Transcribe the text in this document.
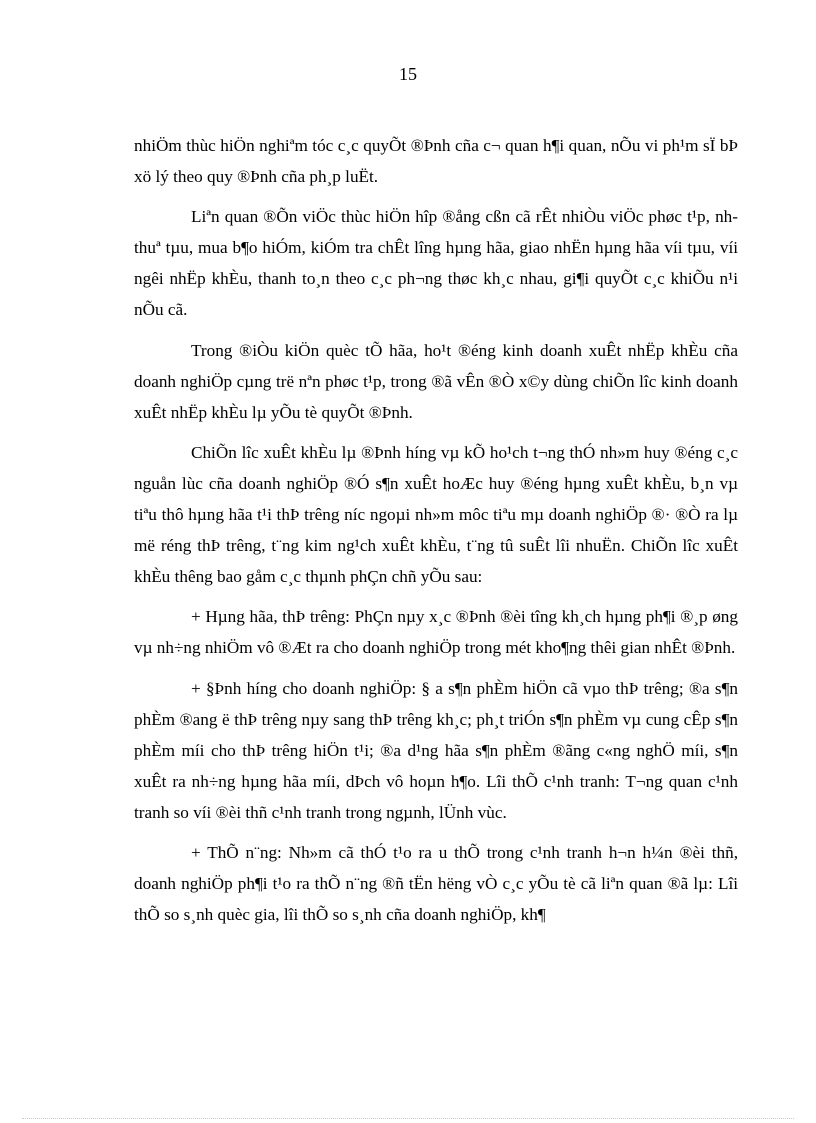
15

nhiÖm thùc hiÖn nghiªm tóc c¸c quyÕt ®Þnh cña c¬ quan h¶i quan, nÕu vi ph¹m sÏ bÞ xö lý theo quy ®Þnh cña ph¸p luËt.

Liªn quan ®Õn viÖc thùc hiÖn hîp ®ång cßn cã rÊt nhiÒu viÖc phøc t¹p, nh thuª tµu, mua b¶o hiÓm, kiÓm tra chÊt lîng hµng hãa, giao nhËn hµng hãa víi tµu, víi ngêi nhËp khÈu, thanh to¸n theo c¸c ph¬ng thøc kh¸c nhau, gi¶i quyÕt c¸c khiÕu n¹i nÕu cã.

Trong ®iÒu kiÖn quèc tÕ hãa, ho¹t ®éng kinh doanh xuÊt nhËp khÈu cña doanh nghiÖp cµng trë nªn phøc t¹p, trong ®ã vÊn ®Ò x©y dùng chiÕn lîc kinh doanh xuÊt nhËp khÈu lµ yÕu tè quyÕt ®Þnh.

ChiÕn lîc xuÊt khÈu lµ ®Þnh híng vµ kÕ ho¹ch t¬ng thÓ nh»m huy ®éng c¸c nguån lùc cña doanh nghiÖp ®Ó s¶n xuÊt hoÆc huy ®éng hµng xuÊt khÈu, b¸n vµ tiªu thô hµng hãa t¹i thÞ trêng níc ngoµi nh»m môc tiªu mµ doanh nghiÖp ®· ®Ò ra lµ më réng thÞ trêng, t¨ng kim ng¹ch xuÊt khÈu, t¨ng tû suÊt lîi nhuËn. ChiÕn lîc xuÊt khÈu thêng bao gåm c¸c thµnh phÇn chñ yÕu sau:

+ Hµng hãa, thÞ trêng: PhÇn nµy x¸c ®Þnh ®èi tîng kh¸ch hµng ph¶i ®¸p øng vµ nh÷ng nhiÖm vô ®Æt ra cho doanh nghiÖp trong mét kho¶ng thêi gian nhÊt ®Þnh.

+ §Þnh híng cho doanh nghiÖp: § a s¶n phÈm hiÖn cã vµo thÞ trêng; ®a s¶n phÈm ®ang ë thÞ trêng nµy sang thÞ trêng kh¸c; ph¸t triÓn s¶n phÈm vµ cung cÊp s¶n phÈm míi cho thÞ trêng hiÖn t¹i; ®a d¹ng hãa s¶n phÈm ®ãng c«ng nghÖ míi, s¶n xuÊt ra nh÷ng hµng hãa míi, dÞch vô hoµn h¶o. Lîi thÕ c¹nh tranh: T¬ng quan c¹nh tranh so víi ®èi thñ c¹nh tranh trong ngµnh, lÜnh vùc.

+ ThÕ n¨ng: Nh»m cã thÓ t¹o ra u thÕ trong c¹nh tranh h¬n h¼n ®èi thñ, doanh nghiÖp ph¶i t¹o ra thÕ n¨ng ®ñ tËn hëng vÒ c¸c yÕu tè cã liªn quan ®ã lµ: Lîi thÕ so s¸nh quèc gia, lîi thÕ so s¸nh cña doanh nghiÖp, kh¶
